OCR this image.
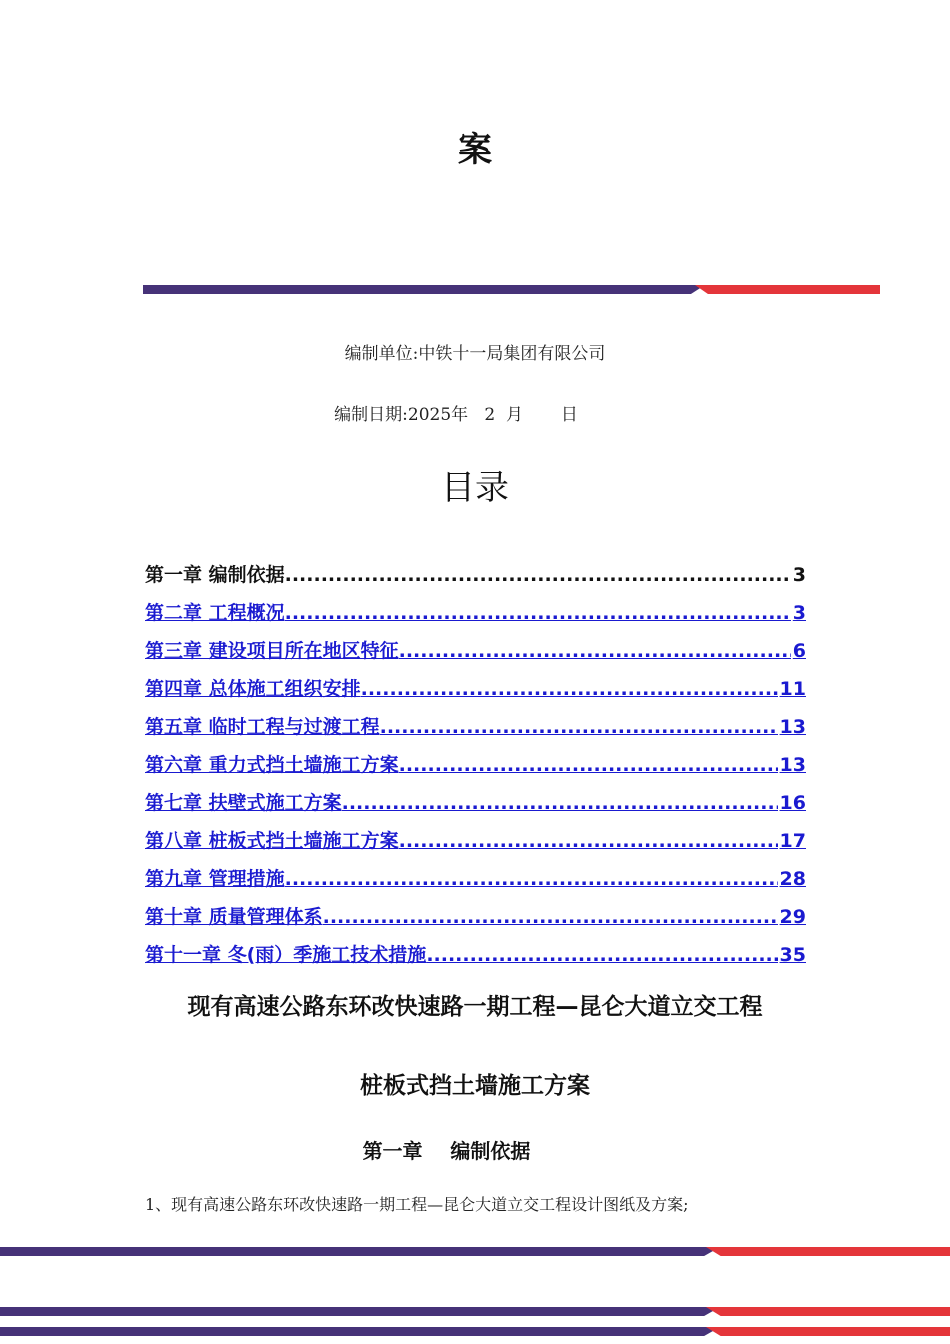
案
编制单位:中铁十一局集团有限公司
编制日期:2025年   2  月       日
目录
第一章 编制依据 .....	3
第二章 工程概况 .....	3
第三章 建设项目所在地区特征 .....	6
第四章 总体施工组织安排 .....	11
第五章 临时工程与过渡工程 .....	13
第六章 重力式挡土墙施工方案 .....	13
第七章 扶壁式施工方案 .....	16
第八章 桩板式挡土墙施工方案 .....	17
第九章 管理措施 .....	28
第十章 质量管理体系 .....	29
第十一章 冬(雨）季施工技术措施 .....	35
现有高速公路东环改快速路一期工程—昆仑大道立交工程
桩板式挡土墙施工方案
第一章    编制依据
1、现有高速公路东环改快速路一期工程—昆仑大道立交工程设计图纸及方案;
